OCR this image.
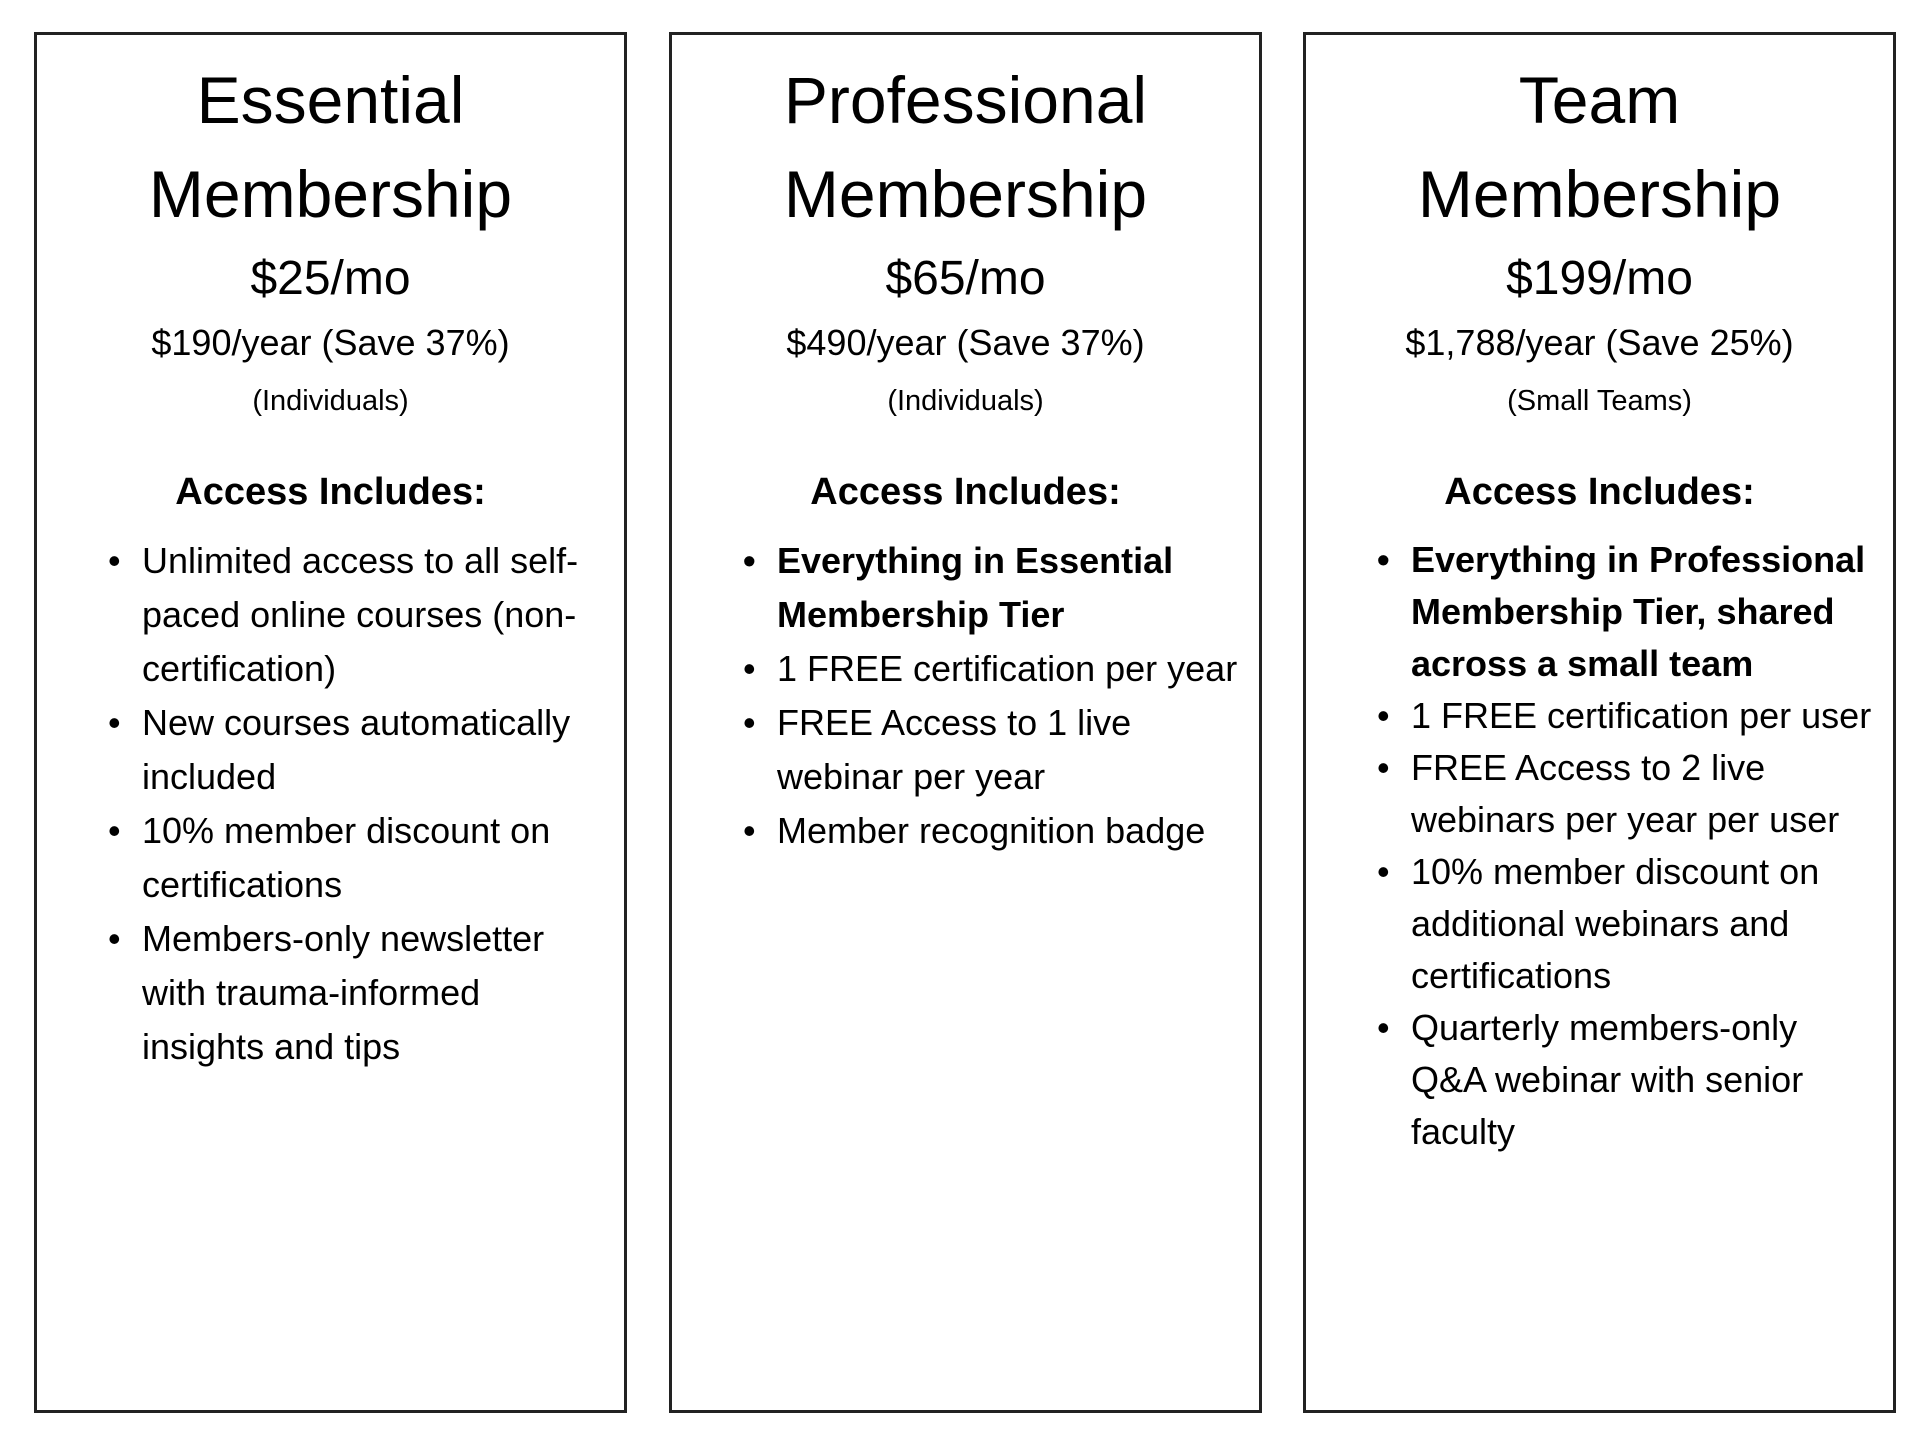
Essential
Membership
$25/mo
$190/year (Save 37%)
(Individuals)
Access Includes:
• Unlimited access to all self-paced online courses (non-certification)
• New courses automatically included
• 10% member discount on certifications
• Members-only newsletter with trauma-informed insights and tips
Professional
Membership
$65/mo
$490/year (Save 37%)
(Individuals)
Access Includes:
• Everything in Essential Membership Tier
• 1 FREE certification per year
• FREE Access to 1 live webinar per year
• Member recognition badge
Team
Membership
$199/mo
$1,788/year (Save 25%)
(Small Teams)
Access Includes:
• Everything in Professional Membership Tier, shared across a small team
• 1 FREE certification per user
• FREE Access to 2 live webinars per year per user
• 10% member discount on additional webinars and certifications
• Quarterly members-only Q&A webinar with senior faculty
